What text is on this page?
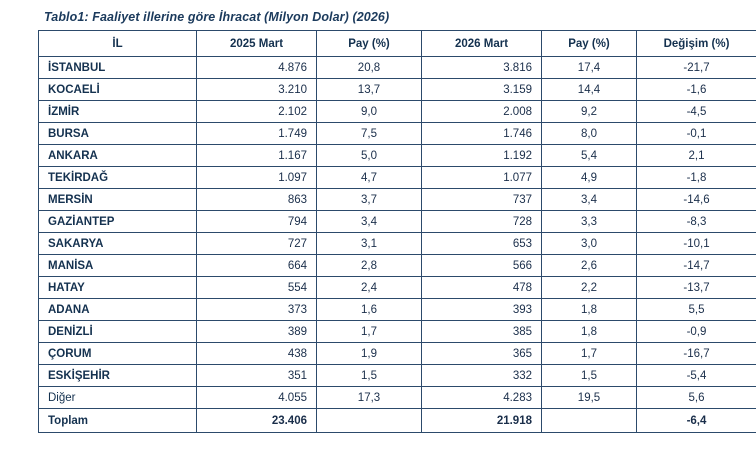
Tablo1: Faaliyet illerine göre İhracat (Milyon Dolar) (2026)
İL	2025 Mart	Pay (%)	2026 Mart	Pay (%)	Değişim (%)
İSTANBUL	4.876	20,8	3.816	17,4	-21,7
KOCAELİ	3.210	13,7	3.159	14,4	-1,6
İZMİR	2.102	9,0	2.008	9,2	-4,5
BURSA	1.749	7,5	1.746	8,0	-0,1
ANKARA	1.167	5,0	1.192	5,4	2,1
TEKİRDAĞ	1.097	4,7	1.077	4,9	-1,8
MERSİN	863	3,7	737	3,4	-14,6
GAZİANTEP	794	3,4	728	3,3	-8,3
SAKARYA	727	3,1	653	3,0	-10,1
MANİSA	664	2,8	566	2,6	-14,7
HATAY	554	2,4	478	2,2	-13,7
ADANA	373	1,6	393	1,8	5,5
DENİZLİ	389	1,7	385	1,8	-0,9
ÇORUM	438	1,9	365	1,7	-16,7
ESKİŞEHİR	351	1,5	332	1,5	-5,4
Diğer	4.055	17,3	4.283	19,5	5,6
Toplam	23.406		21.918		-6,4
